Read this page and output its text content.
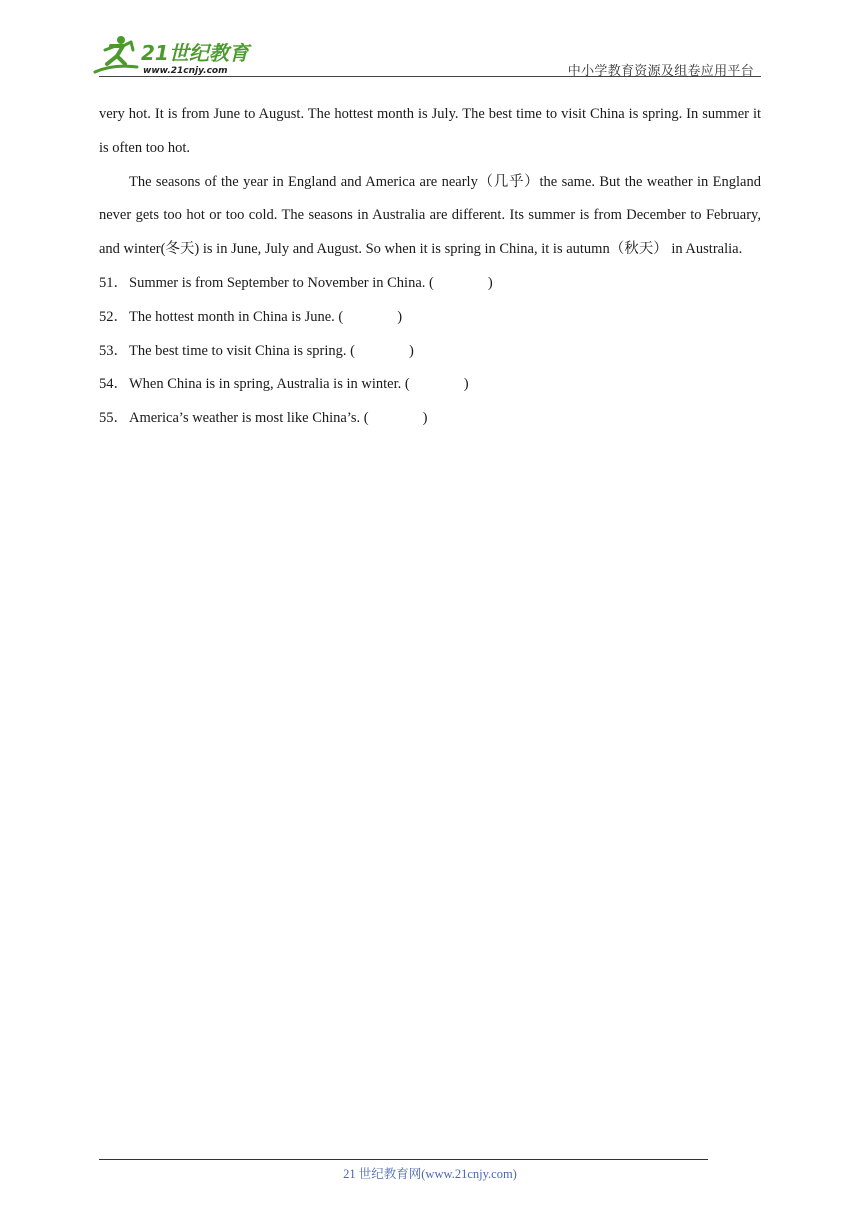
21世纪教育
www.21cnjy.com	中小学教育资源及组卷应用平台

very hot. It is from June to August. The hottest month is July. The best time to visit China is spring. In summer it is often too hot.

The seasons of the year in England and America are nearly（几乎）the same. But the weather in England never gets too hot or too cold. The seasons in Australia are different. Its summer is from December to February, and winter(冬天) is in June, July and August. So when it is spring in China, it is autumn（秋天） in Australia.

51．Summer is from September to November in China. (	)
52．The hottest month in China is June. (	)
53．The best time to visit China is spring. (	)
54．When China is in spring, Australia is in winter. (	)
55．America’s weather is most like China’s. (	)
21 世纪教育网(www.21cnjy.com)
